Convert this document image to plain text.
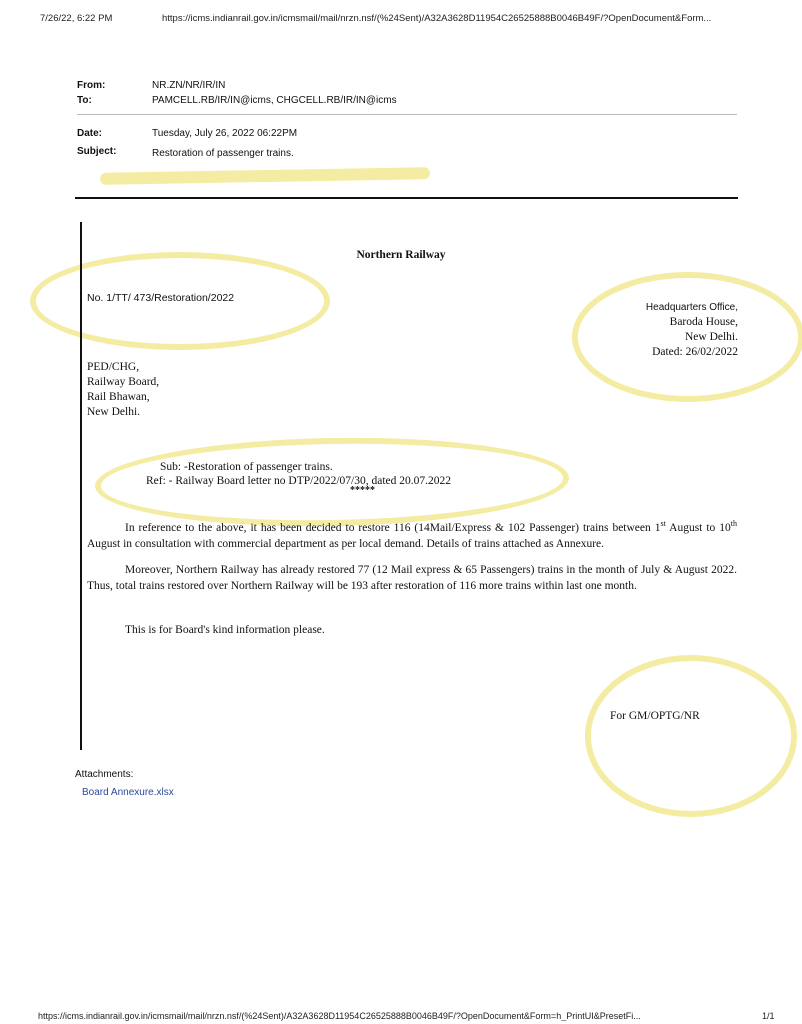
7/26/22, 6:22 PM	https://icms.indianrail.gov.in/icmsmail/mail/nrzn.nsf/(%24Sent)/A32A3628D11954C26525888B0046B49F/?OpenDocument&Form...
From:	NR.ZN/NR/IR/IN
To:	PAMCELL.RB/IR/IN@icms, CHGCELL.RB/IR/IN@icms
Date:	Tuesday, July 26, 2022 06:22PM
Subject:	Restoration of passenger trains.
Northern Railway
No. 1/TT/ 473/Restoration/2022
Headquarters Office,
Baroda House,
New Delhi.
Dated: 26/02/2022
PED/CHG,
Railway Board,
Rail Bhawan,
New Delhi.
Sub: -Restoration of passenger trains.
Ref: - Railway Board letter no DTP/2022/07/30, dated 20.07.2022
*****
In reference to the above, it has been decided to restore 116 (14Mail/Express & 102 Passenger) trains between 1st August to 10th August in consultation with commercial department as per local demand. Details of trains attached as Annexure.
Moreover, Northern Railway has already restored 77 (12 Mail express & 65 Passengers) trains in the month of July & August 2022. Thus, total trains restored over Northern Railway will be 193 after restoration of 116 more trains within last one month.
This is for Board's kind information please.
For GM/OPTG/NR
Attachments:
Board Annexure.xlsx
https://icms.indianrail.gov.in/icmsmail/mail/nrzn.nsf/(%24Sent)/A32A3628D11954C26525888B0046B49F/?OpenDocument&Form=h_PrintUI&PresetFi...	1/1
